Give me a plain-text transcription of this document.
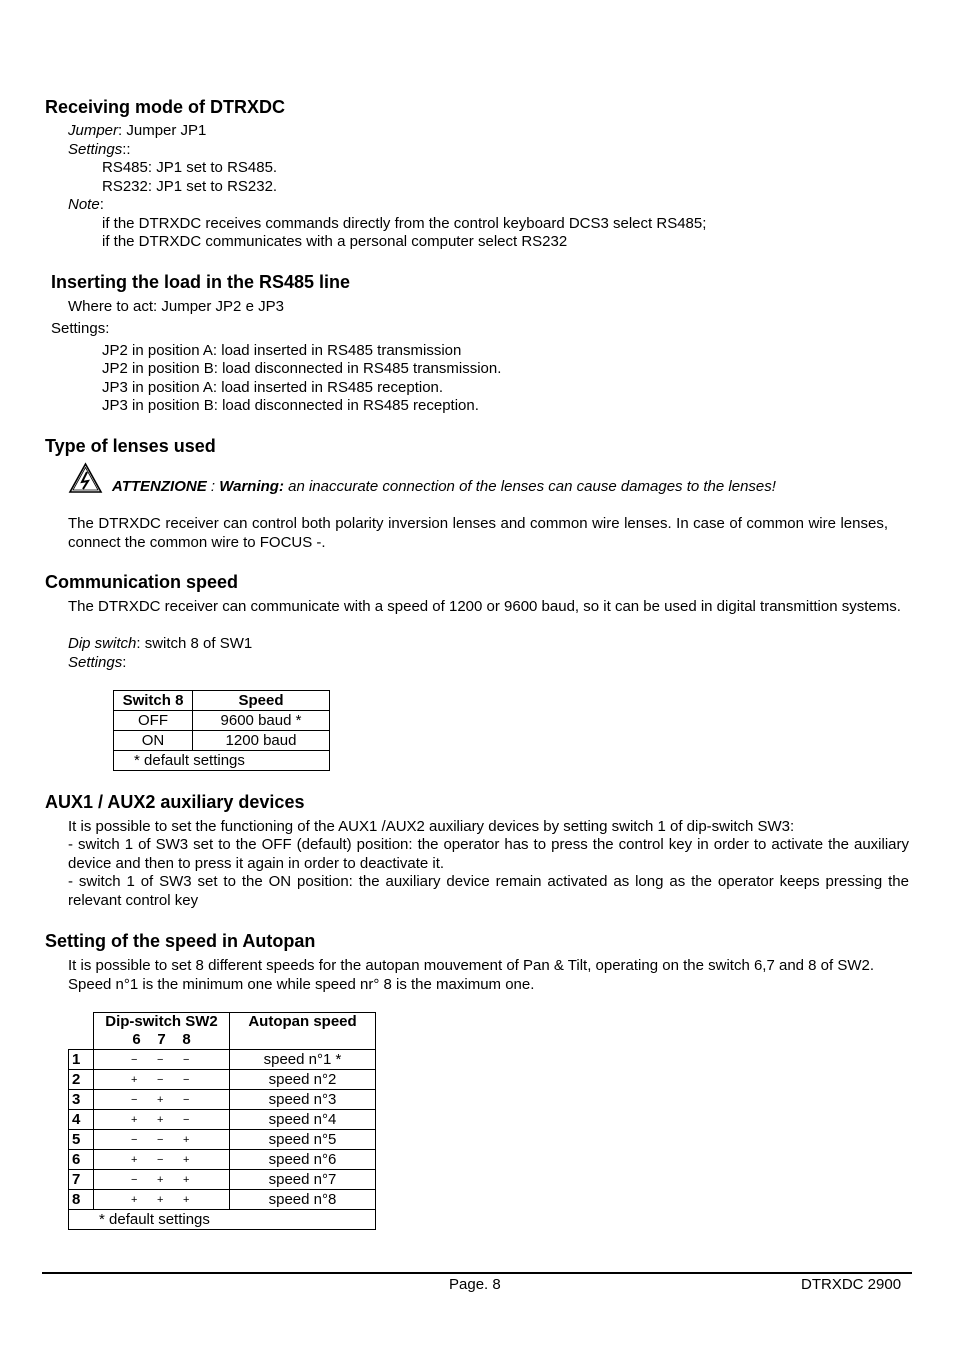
Receiving mode of DTRXDC
Jumper: Jumper JP1
Settings::
RS485: JP1 set to RS485.
RS232: JP1 set to RS232.
Note:
if the DTRXDC receives commands directly from the control keyboard DCS3 select RS485;
if the DTRXDC communicates with a personal computer select RS232
Inserting the load in the RS485 line
Where to act: Jumper JP2 e JP3
Settings:
JP2 in position A: load inserted in RS485 transmission
JP2 in position B: load disconnected in RS485 transmission.
JP3 in position A: load inserted in RS485 reception.
JP3 in position B: load disconnected in RS485 reception.
Type of lenses used
ATTENZIONE : Warning: an inaccurate connection of the lenses can cause damages to the lenses!
The DTRXDC receiver can control both polarity inversion lenses and common wire lenses. In case of common wire lenses, connect the common wire to FOCUS -.
Communication speed
The DTRXDC receiver can communicate with a speed of 1200 or 9600 baud, so it can be used in digital transmittion systems.
Dip switch: switch 8 of SW1
Settings:
Switch 8	Speed
OFF	9600 baud *
ON	1200 baud
* default settings	
AUX1 / AUX2 auxiliary devices
It is possible to set the functioning of the AUX1 /AUX2 auxiliary devices by setting switch 1 of dip-switch SW3:
- switch 1 of SW3 set to the OFF (default) position: the operator has to press the control key in order to activate the auxiliary device and then to press it again in order to deactivate it.
- switch 1 of SW3 set to the ON position: the auxiliary device remain activated as long as the operator keeps pressing the relevant control key
Setting of the speed in Autopan
It is possible to set 8 different speeds for the autopan mouvement of Pan & Tilt, operating on the switch 6,7 and 8 of SW2. Speed n°1 is the minimum one while speed nr° 8 is the maximum one.

	Dip-switch SW2
6    7    8	Autopan speed
1	− − −	speed n°1 *
2	+ − −	speed n°2
3	− + −	speed n°3
4	+ + −	speed n°4
5	− − +	speed n°5
6	+ − +	speed n°6
7	− + +	speed n°7
8	+ + +	speed n°8
* default settings		
Page. 8	DTRXDC 2900
